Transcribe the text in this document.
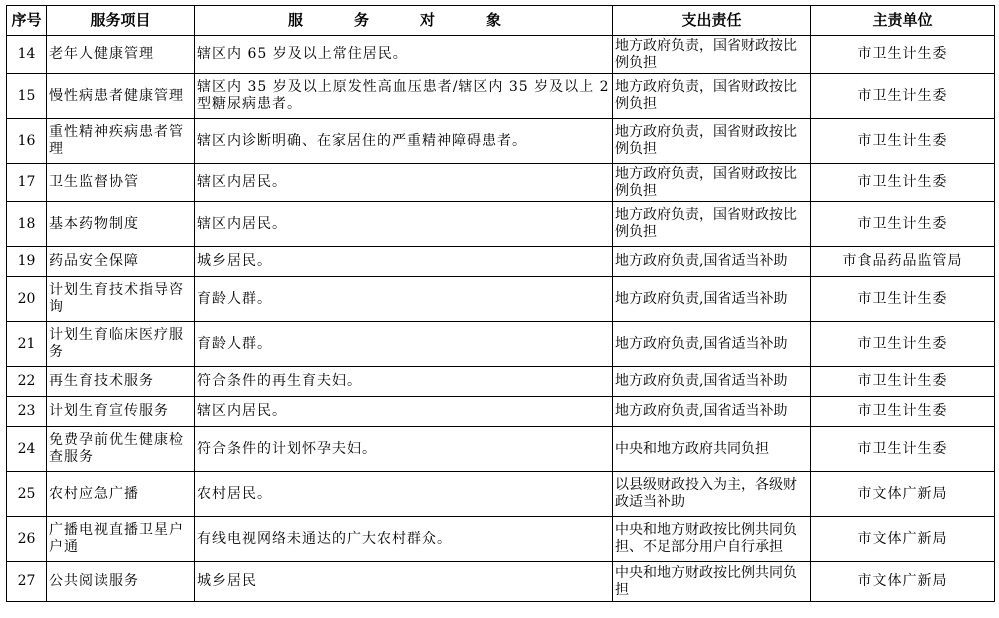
序号	服务项目	服　务　对　象	支出责任	主责单位
14	老年人健康管理	辖区内 65 岁及以上常住居民。	地方政府负责，国省财政按比例负担	市卫生计生委
15	慢性病患者健康管理	辖区内 35 岁及以上原发性高血压患者/辖区内 35 岁及以上 2 型糖尿病患者。	地方政府负责，国省财政按比例负担	市卫生计生委
16	重性精神疾病患者管理	辖区内诊断明确、在家居住的严重精神障碍患者。	地方政府负责，国省财政按比例负担	市卫生计生委
17	卫生监督协管	辖区内居民。	地方政府负责，国省财政按比例负担	市卫生计生委
18	基本药物制度	辖区内居民。	地方政府负责，国省财政按比例负担	市卫生计生委
19	药品安全保障	城乡居民。	地方政府负责,国省适当补助	市食品药品监管局
20	计划生育技术指导咨询	育龄人群。	地方政府负责,国省适当补助	市卫生计生委
21	计划生育临床医疗服务	育龄人群。	地方政府负责,国省适当补助	市卫生计生委
22	再生育技术服务	符合条件的再生育夫妇。	地方政府负责,国省适当补助	市卫生计生委
23	计划生育宣传服务	辖区内居民。	地方政府负责,国省适当补助	市卫生计生委
24	免费孕前优生健康检查服务	符合条件的计划怀孕夫妇。	中央和地方政府共同负担	市卫生计生委
25	农村应急广播	农村居民。	以县级财政投入为主，各级财政适当补助	市文体广新局
26	广播电视直播卫星户户通	有线电视网络未通达的广大农村群众。	中央和地方财政按比例共同负担、不足部分用户自行承担	市文体广新局
27	公共阅读服务	城乡居民	中央和地方财政按比例共同负担	市文体广新局
